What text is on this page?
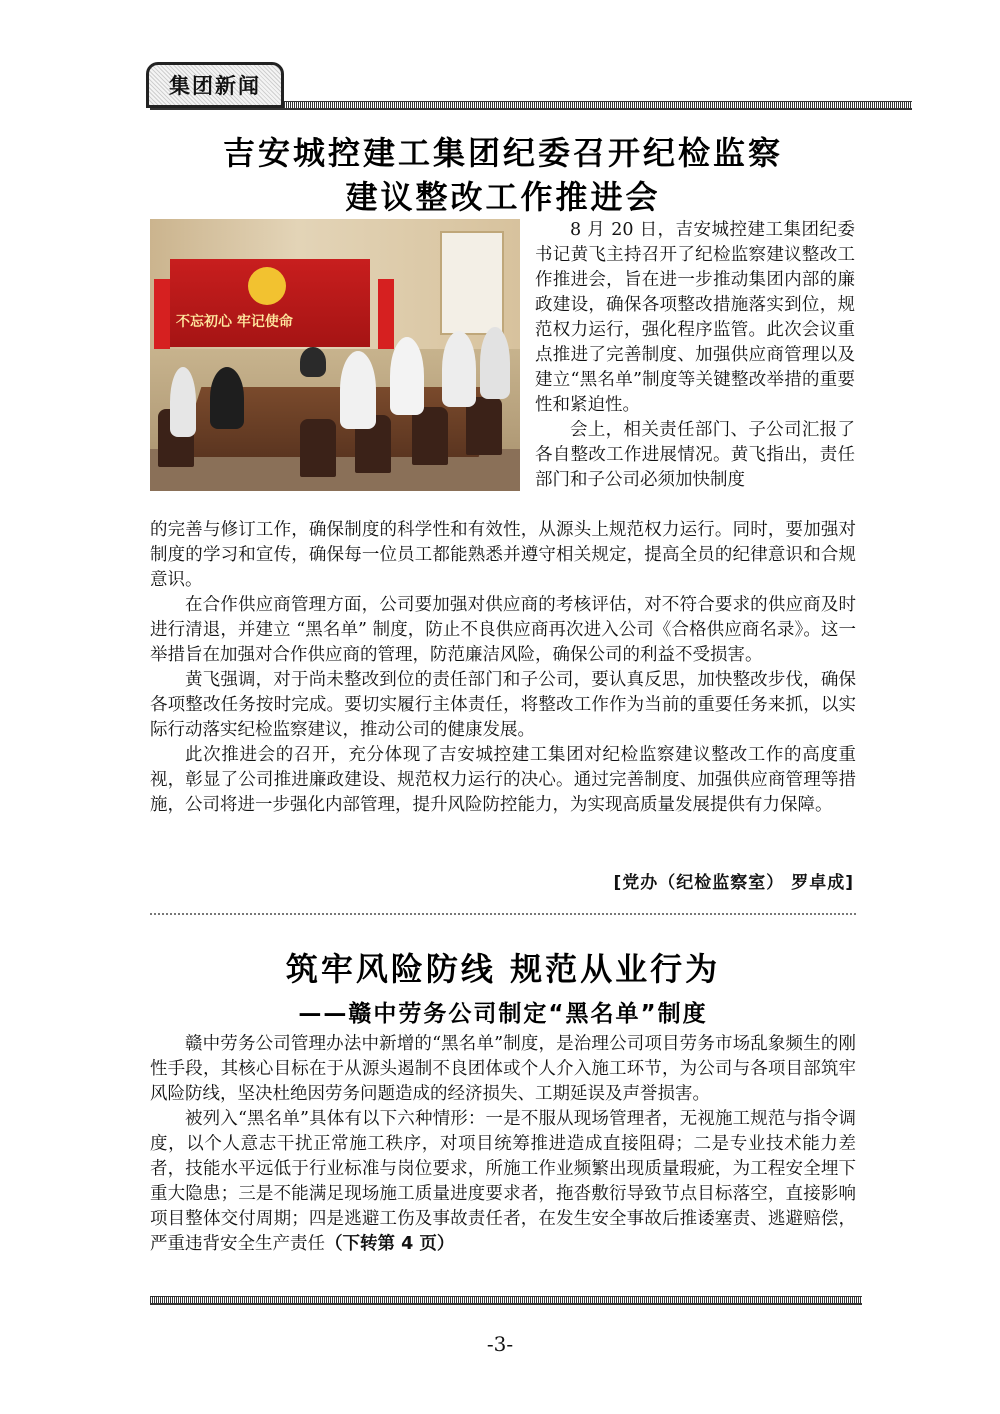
集团新闻
吉安城控建工集团纪委召开纪检监察
建议整改工作推进会
不忘初心 牢记使命

8 月 20 日，吉安城控建工集团纪委书记黄飞主持召开了纪检监察建议整改工作推进会，旨在进一步推动集团内部的廉政建设，确保各项整改措施落实到位，规范权力运行，强化程序监管。此次会议重点推进了完善制度、加强供应商管理以及建立“黑名单”制度等关键整改举措的重要性和紧迫性。

会上，相关责任部门、子公司汇报了各自整改工作进展情况。黄飞指出，责任部门和子公司必须加快制度

的完善与修订工作，确保制度的科学性和有效性，从源头上规范权力运行。同时，要加强对制度的学习和宣传，确保每一位员工都能熟悉并遵守相关规定，提高全员的纪律意识和合规意识。

在合作供应商管理方面，公司要加强对供应商的考核评估，对不符合要求的供应商及时进行清退，并建立 “黑名单” 制度，防止不良供应商再次进入公司《合格供应商名录》。这一举措旨在加强对合作供应商的管理，防范廉洁风险，确保公司的利益不受损害。

黄飞强调，对于尚未整改到位的责任部门和子公司，要认真反思，加快整改步伐，确保各项整改任务按时完成。要切实履行主体责任，将整改工作作为当前的重要任务来抓，以实际行动落实纪检监察建议，推动公司的健康发展。

此次推进会的召开，充分体现了吉安城控建工集团对纪检监察建议整改工作的高度重视，彰显了公司推进廉政建设、规范权力运行的决心。通过完善制度、加强供应商管理等措施，公司将进一步强化内部管理，提升风险防控能力，为实现高质量发展提供有力保障。

[党办（纪检监察室） 罗卓成]
筑牢风险防线 规范从业行为
——赣中劳务公司制定“黑名单”制度

赣中劳务公司管理办法中新增的“黑名单”制度，是治理公司项目劳务市场乱象频生的刚性手段，其核心目标在于从源头遏制不良团体或个人介入施工环节，为公司与各项目部筑牢风险防线，坚决杜绝因劳务问题造成的经济损失、工期延误及声誉损害。

被列入“黑名单”具体有以下六种情形：一是不服从现场管理者，无视施工规范与指令调度，以个人意志干扰正常施工秩序，对项目统筹推进造成直接阻碍；二是专业技术能力差者，技能水平远低于行业标准与岗位要求，所施工作业频繁出现质量瑕疵，为工程安全埋下重大隐患；三是不能满足现场施工质量进度要求者，拖沓敷衍导致节点目标落空，直接影响项目整体交付周期；四是逃避工伤及事故责任者，在发生安全事故后推诿塞责、逃避赔偿，严重违背安全生产责任（下转第 4 页）

-3-
